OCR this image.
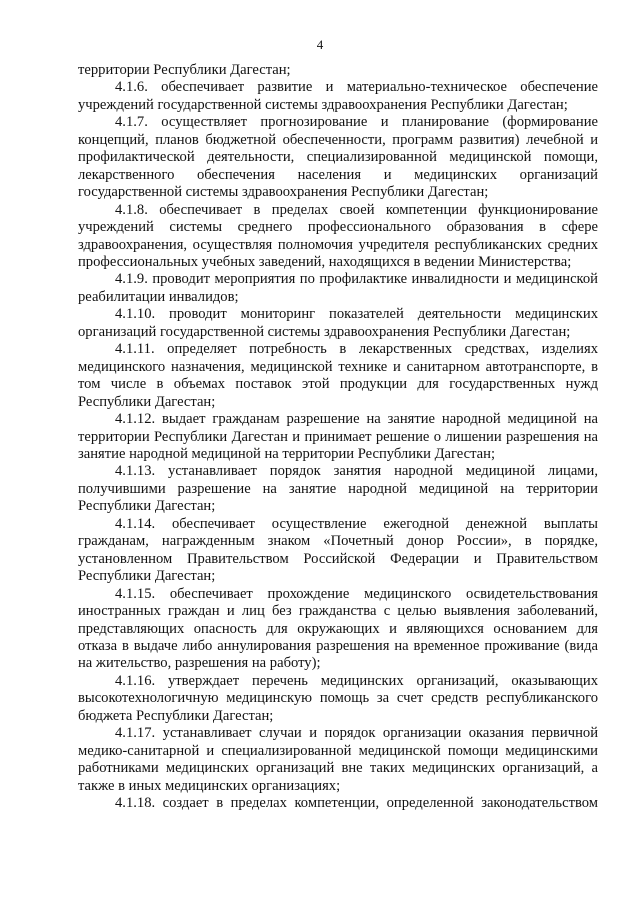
4

территории Республики Дагестан;

4.1.6. обеспечивает развитие и материально-техническое обеспечение учреждений государственной системы здравоохранения Республики Дагестан;

4.1.7. осуществляет прогнозирование и планирование (формирование концепций, планов бюджетной обеспеченности, программ развития) лечебной и профилактической деятельности, специализированной медицинской помощи, лекарственного обеспечения населения и медицинских организаций государственной системы здравоохранения Республики Дагестан;

4.1.8. обеспечивает в пределах своей компетенции функционирование учреждений системы среднего профессионального образования в сфере здравоохранения, осуществляя полномочия учредителя республиканских средних профессиональных учебных заведений, находящихся в ведении Министерства;

4.1.9. проводит мероприятия по профилактике инвалидности и медицинской реабилитации инвалидов;

4.1.10. проводит мониторинг показателей деятельности медицинских организаций государственной системы здравоохранения Республики Дагестан;

4.1.11. определяет потребность в лекарственных средствах, изделиях медицинского назначения, медицинской технике и санитарном автотранспорте, в том числе в объемах поставок этой продукции для государственных нужд Республики Дагестан;

4.1.12. выдает гражданам разрешение на занятие народной медициной на территории Республики Дагестан и принимает решение о лишении разрешения на занятие народной медициной на территории Республики Дагестан;

4.1.13. устанавливает порядок занятия народной медициной лицами, получившими разрешение на занятие народной медициной на территории Республики Дагестан;

4.1.14. обеспечивает осуществление ежегодной денежной выплаты гражданам, награжденным знаком «Почетный донор России», в порядке, установленном Правительством Российской Федерации и Правительством Республики Дагестан;

4.1.15. обеспечивает прохождение медицинского освидетельствования иностранных граждан и лиц без гражданства с целью выявления заболеваний, представляющих опасность для окружающих и являющихся основанием для отказа в выдаче либо аннулирования разрешения на временное проживание (вида на жительство, разрешения на работу);

4.1.16. утверждает перечень медицинских организаций, оказывающих высокотехнологичную медицинскую помощь за счет средств республиканского бюджета Республики Дагестан;

4.1.17. устанавливает случаи и порядок организации оказания первичной медико-санитарной и специализированной медицинской помощи медицинскими работниками медицинских организаций вне таких медицинских организаций, а также в иных медицинских организациях;

4.1.18. создает в пределах компетенции, определенной законодательством
